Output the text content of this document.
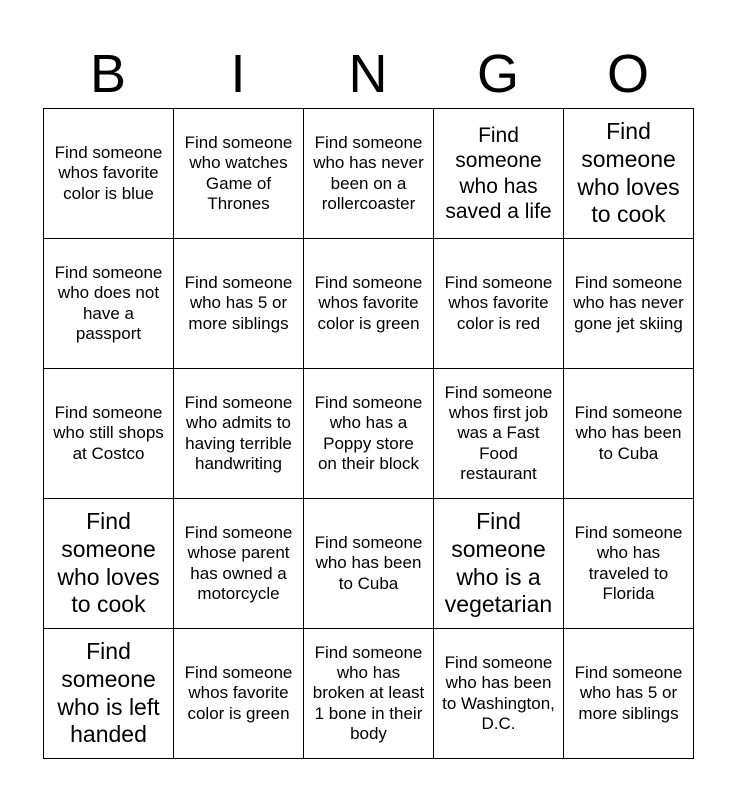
B	I	N	G	O
Find someone whos favorite color is blue	Find someone who watches Game of Thrones	Find someone who has never been on a rollercoaster	Find someone who has saved a life	Find someone who loves to cook
Find someone who does not have a passport	Find someone who has 5 or more siblings	Find someone whos favorite color is green	Find someone whos favorite color is red	Find someone who has never gone jet skiing
Find someone who still shops at Costco	Find someone who admits to having terrible handwriting	Find someone who has a Poppy store on their block	Find someone whos first job was a Fast Food restaurant	Find someone who has been to Cuba
Find someone who loves to cook	Find someone whose parent has owned a motorcycle	Find someone who has been to Cuba	Find someone who is a vegetarian	Find someone who has traveled to Florida
Find someone who is left handed	Find someone whos favorite color is green	Find someone who has broken at least 1 bone in their body	Find someone who has been to Washington, D.C.	Find someone who has 5 or more siblings
